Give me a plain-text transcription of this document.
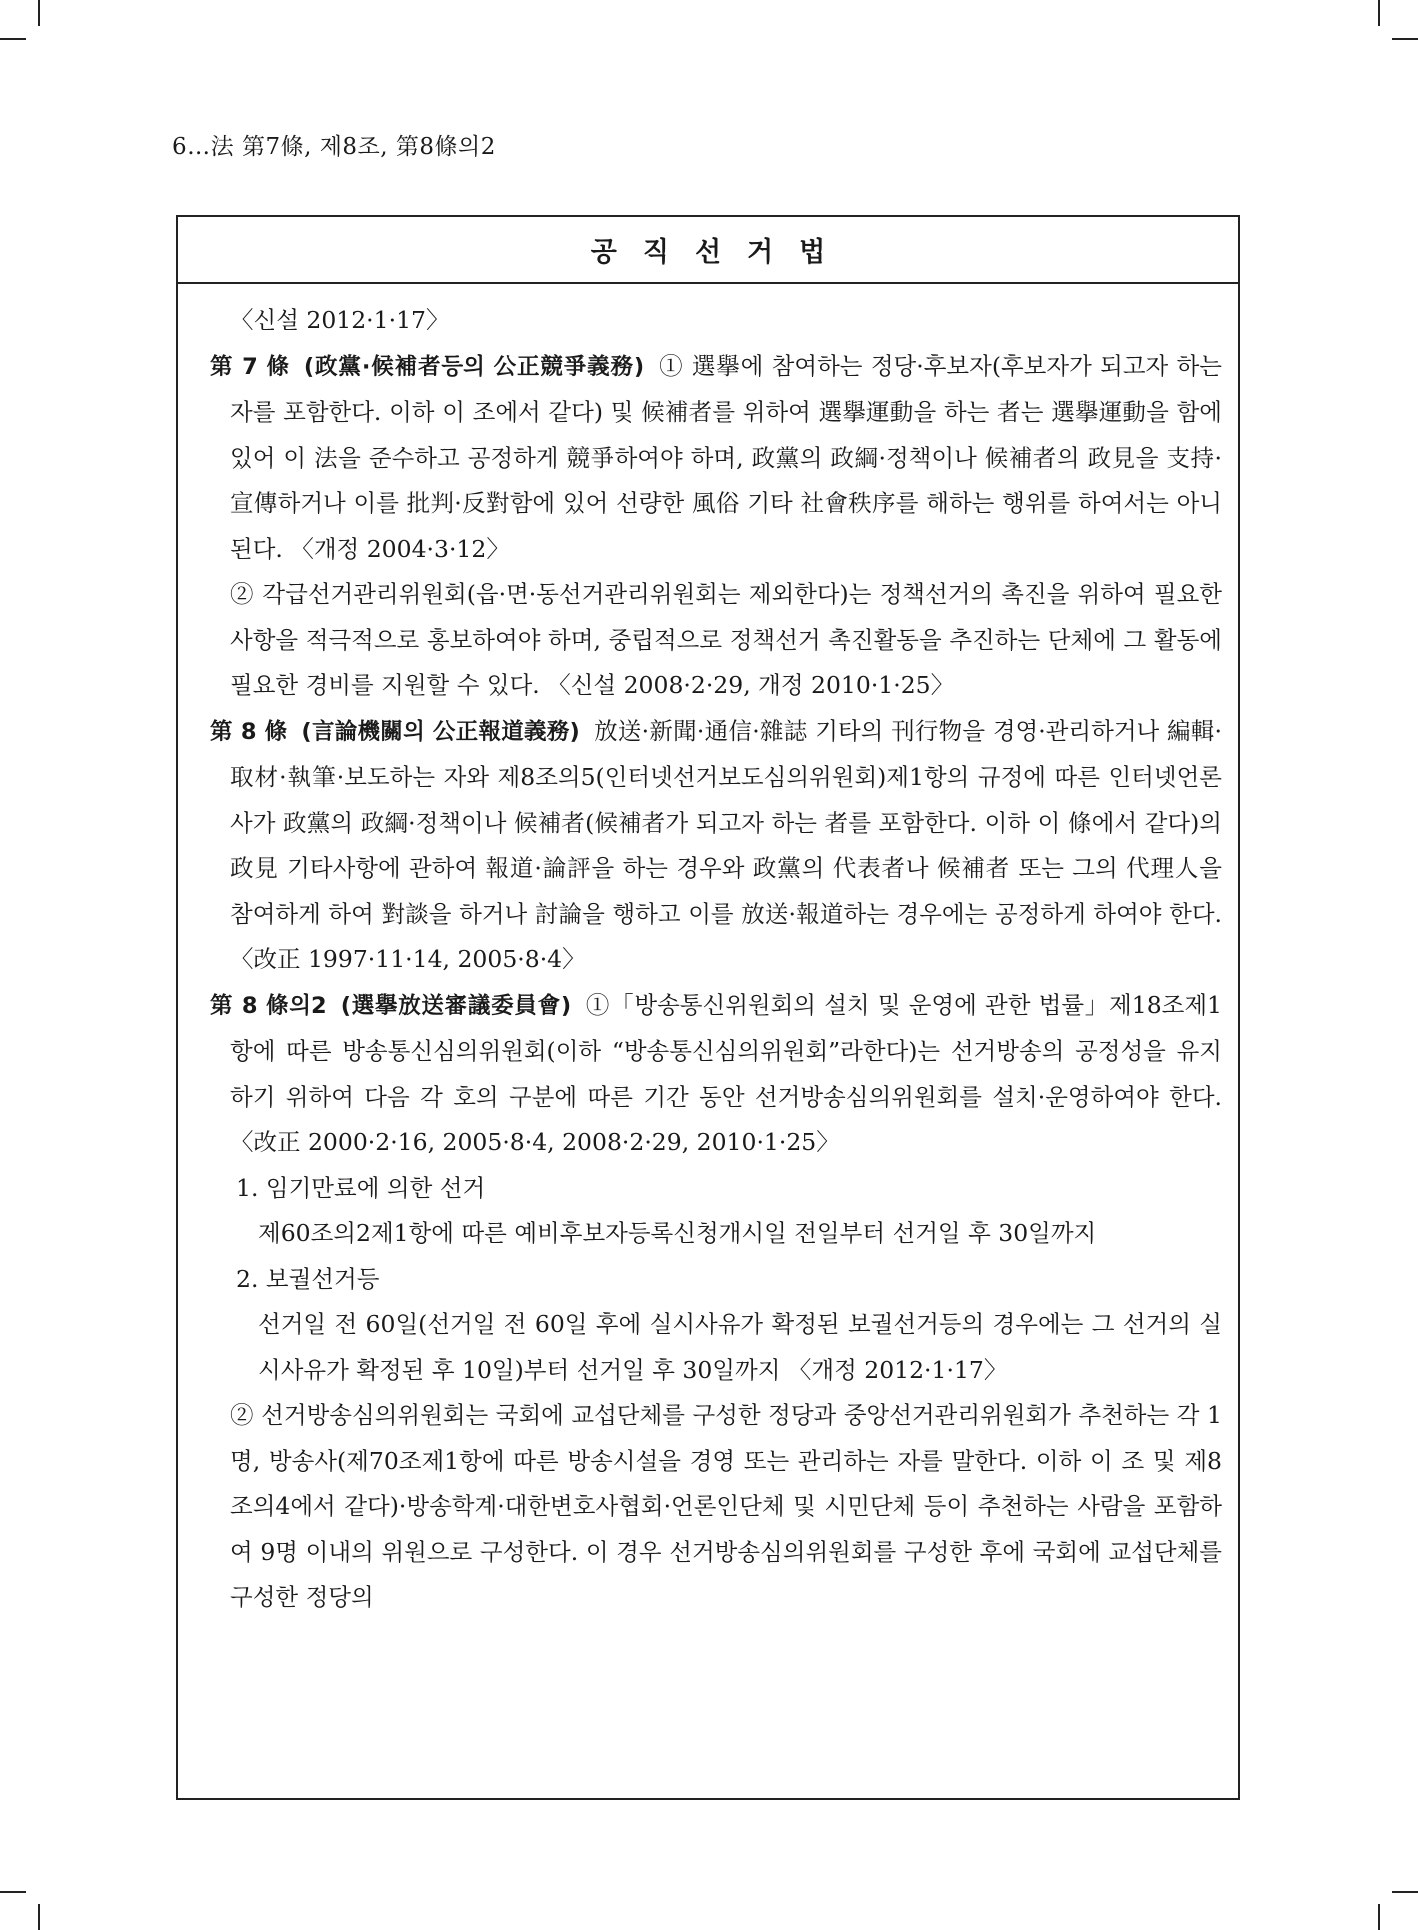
6…法 第7條, 제8조, 第8條의2
공직선거법

〈신설 2012·1·17〉

第 7 條 (政黨·候補者등의 公正競爭義務) ① 選擧에 참여하는 정당·후보자(후보자가 되고자 하는 자를 포함한다. 이하 이 조에서 같다) 및 候補者를 위하여 選擧運動을 하는 者는 選擧運動을 함에 있어 이 法을 준수하고 공정하게 競爭하여야 하며, 政黨의 政綱·정책이나 候補者의 政見을 支持·宣傳하거나 이를 批判·反對함에 있어 선량한 風俗 기타 社會秩序를 해하는 행위를 하여서는 아니된다. 〈개정 2004·3·12〉

② 각급선거관리위원회(읍·면·동선거관리위원회는 제외한다)는 정책선거의 촉진을 위하여 필요한 사항을 적극적으로 홍보하여야 하며, 중립적으로 정책선거 촉진활동을 추진하는 단체에 그 활동에 필요한 경비를 지원할 수 있다. 〈신설 2008·2·29, 개정 2010·1·25〉

第 8 條 (言論機關의 公正報道義務) 放送·新聞·通信·雜誌 기타의 刊行物을 경영·관리하거나 編輯·取材·執筆·보도하는 자와 제8조의5(인터넷선거보도심의위원회)제1항의 규정에 따른 인터넷언론사가 政黨의 政綱·정책이나 候補者(候補者가 되고자 하는 者를 포함한다. 이하 이 條에서 같다)의 政見 기타사항에 관하여 報道·論評을 하는 경우와 政黨의 代表者나 候補者 또는 그의 代理人을 참여하게 하여 對談을 하거나 討論을 행하고 이를 放送·報道하는 경우에는 공정하게 하여야 한다. 〈改正 1997·11·14, 2005·8·4〉

第 8 條의2 (選擧放送審議委員會) ①「방송통신위원회의 설치 및 운영에 관한 법률」제18조제1항에 따른 방송통신심의위원회(이하 “방송통신심의위원회”라한다)는 선거방송의 공정성을 유지하기 위하여 다음 각 호의 구분에 따른 기간 동안 선거방송심의위원회를 설치·운영하여야 한다. 〈改正 2000·2·16, 2005·8·4, 2008·2·29, 2010·1·25〉

1. 임기만료에 의한 선거

제60조의2제1항에 따른 예비후보자등록신청개시일 전일부터 선거일 후 30일까지

2. 보궐선거등

선거일 전 60일(선거일 전 60일 후에 실시사유가 확정된 보궐선거등의 경우에는 그 선거의 실시사유가 확정된 후 10일)부터 선거일 후 30일까지 〈개정 2012·1·17〉

② 선거방송심의위원회는 국회에 교섭단체를 구성한 정당과 중앙선거관리위원회가 추천하는 각 1명, 방송사(제70조제1항에 따른 방송시설을 경영 또는 관리하는 자를 말한다. 이하 이 조 및 제8조의4에서 같다)·방송학계·대한변호사협회·언론인단체 및 시민단체 등이 추천하는 사람을 포함하여 9명 이내의 위원으로 구성한다. 이 경우 선거방송심의위원회를 구성한 후에 국회에 교섭단체를 구성한 정당의
